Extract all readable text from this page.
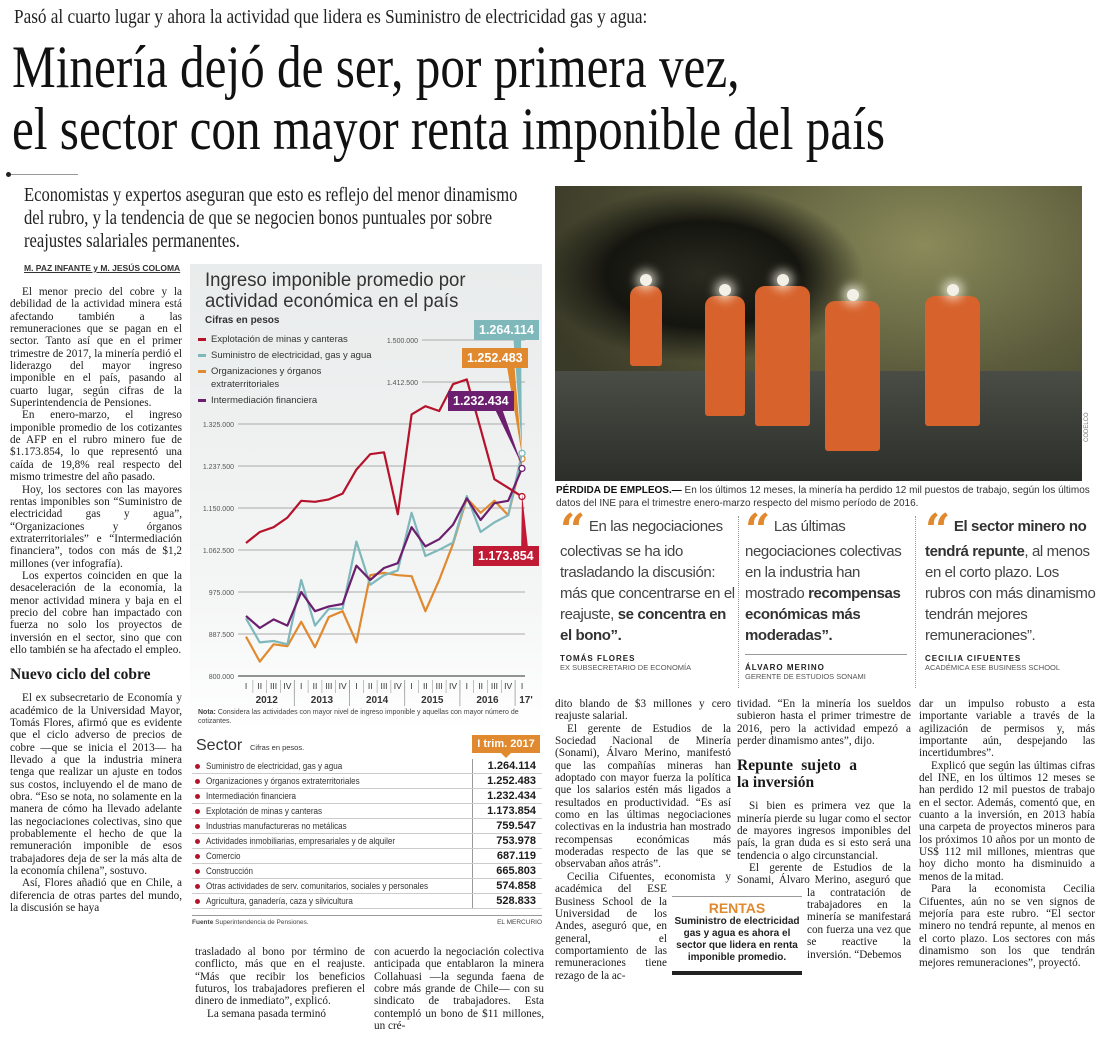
Pasó al cuarto lugar y ahora la actividad que lidera es Suministro de electricidad gas y agua:
Minería dejó de ser, por primera vez,
el sector con mayor renta imponible del país
Economistas y expertos aseguran que esto es reflejo del menor dinamismo del rubro, y la tendencia de que se negocien bonos puntuales por sobre reajustes salariales permanentes.
M. PAZ INFANTE y M. JESÚS COLOMA

El menor precio del cobre y la debilidad de la actividad minera está afectando también a las remuneraciones que se pagan en el sector. Tanto así que en el primer trimestre de 2017, la minería perdió el liderazgo del mayor ingreso imponible en el país, pasando al cuarto lugar, según cifras de la Superintendencia de Pensiones.

En enero-marzo, el ingreso imponible promedio de los cotizantes de AFP en el rubro minero fue de $1.173.854, lo que representó una caída de 19,8% real respecto del mismo trimestre del año pasado.

Hoy, los sectores con las mayores rentas imponibles son “Suministro de electricidad gas y agua”, “Organizaciones y órganos extraterritoriales” e “Intermediación financiera”, todos con más de $1,2 millones (ver infografía).

Los expertos coinciden en que la desaceleración de la economía, la menor actividad minera y baja en el precio del cobre han impactado con fuerza no solo los proyectos de inversión en el sector, sino que con ello también se ha afectado el empleo.

Nuevo ciclo del cobre

El ex subsecretario de Economía y académico de la Universidad Mayor, Tomás Flores, afirmó que es evidente que el ciclo adverso de precios de cobre —que se inicia el 2013— ha llevado a que la industria minera tenga que realizar un ajuste en todos sus costos, incluyendo el de mano de obra. “Eso se nota, no solamente en la manera de cómo ha llevado adelante las negociaciones colectivas, sino que probablemente el hecho de que la remuneración imponible de esos trabajadores deja de ser la más alta de la economía chilena”, sostuvo.

Así, Flores añadió que en Chile, a diferencia de otras partes del mundo, la discusión se haya

Ingreso imponible promedio por actividad económica en el país
Cifras en pesos
800.000
887.500
975.000
1.062.500
1.150.000
1.237.500
1.325.000
1.412.500
1.500.000
I II III IV I II III IV I II III IV I II III IV I II III IV I
2012	2013	2014	2015	2016 17'
Explotación de minas y canteras
Suministro de electricidad, gas y agua
Organizaciones y órganos extraterritoriales
Intermediación financiera
1.264.114
1.252.483
1.232.434
1.173.854
Nota: Considera las actividades con mayor nivel de ingreso imponible y aquellas con mayor número de cotizantes.
Sector Cifras en pesos.	I trim. 2017
Suministro de electricidad, gas y agua	1.264.114
Organizaciones y órganos extraterritoriales	1.252.483
Intermediación financiera	1.232.434
Explotación de minas y canteras	1.173.854
Industrias manufactureras no metálicas	759.547
Actividades inmobiliarias, empresariales y de alquiler	753.978
Comercio	687.119
Construcción	665.803
Otras actividades de serv. comunitarios, sociales y personales	574.858
Agricultura, ganadería, caza y silvicultura	528.833
Fuente Superintendencia de Pensiones.	EL MERCURIO

trasladado al bono por término de conflicto, más que en el reajuste. “Más que recibir los beneficios futuros, los trabajadores prefieren el dinero de inmediato”, explicó.

La semana pasada terminó

con acuerdo la negociación colectiva anticipada que entablaron la minera Collahuasi —la segunda faena de cobre más grande de Chile— con su sindicato de trabajadores. Esta contempló un bono de $11 millones, un cré-

CODELCO
PÉRDIDA DE EMPLEOS.— En los últimos 12 meses, la minería ha perdido 12 mil puestos de trabajo, según los últimos datos del INE para el trimestre enero-marzo respecto del mismo período de 2016.
“ En las negociaciones colectivas se ha ido trasladando la discusión: más que concentrarse en el reajuste, se concentra en el bono”.
TOMÁS FLORES
EX SUBSECRETARIO DE ECONOMÍA
“ Las últimas negociaciones colectivas en la industria han mostrado recompensas económicas más moderadas”.
ÁLVARO MERINO
GERENTE DE ESTUDIOS SONAMI
“ El sector minero no tendrá repunte, al menos en el corto plazo. Los rubros con más dinamismo tendrán mejores remuneraciones”.
CECILIA CIFUENTES
ACADÉMICA ESE BUSINESS SCHOOL

dito blando de $3 millones y cero reajuste salarial.

El gerente de Estudios de la Sociedad Nacional de Minería (Sonami), Álvaro Merino, manifestó que las compañías mineras han adoptado con mayor fuerza la política que los salarios estén más ligados a resultados en productividad. “Es así como en las últimas negociaciones colectivas en la industria han mostrado recompensas económicas más moderadas respecto de las que se observaban años atrás”.

Cecilia Cifuentes, economista y académica del ESE Business School de la Universidad de los Andes, aseguró que, en general, el comportamiento de las remuneraciones tiene rezago de la ac-

tividad. “En la minería los sueldos subieron hasta el primer trimestre de 2016, pero la actividad empezó a perder dinamismo antes”, dijo.

Repunte sujeto a la inversión

Si bien es primera vez que la minería pierde su lugar como el sector de mayores ingresos imponibles del país, la gran duda es si esto será una tendencia o algo circunstancial.

El gerente de Estudios de la Sonami, Álvaro Merino, aseguró que la contratación de trabajadores en la minería se manifestará con fuerza una vez que se reactive la inversión. “Debemos

dar un impulso robusto a esta importante variable a través de la agilización de permisos y, más importante aún, despejando las incertidumbres”.

Explicó que según las últimas cifras del INE, en los últimos 12 meses se han perdido 12 mil puestos de trabajo en el sector. Además, comentó que, en cuanto a la inversión, en 2013 había una carpeta de proyectos mineros para los próximos 10 años por un monto de US$ 112 mil millones, mientras que hoy dicho monto ha disminuido a menos de la mitad.

Para la economista Cecilia Cifuentes, aún no se ven signos de mejoría para este rubro. “El sector minero no tendrá repunte, al menos en el corto plazo. Los sectores con más dinamismo son los que tendrán mejores remuneraciones”, proyectó.

RENTAS
Suministro de electricidad gas y agua es ahora el sector que lidera en renta imponible promedio.
